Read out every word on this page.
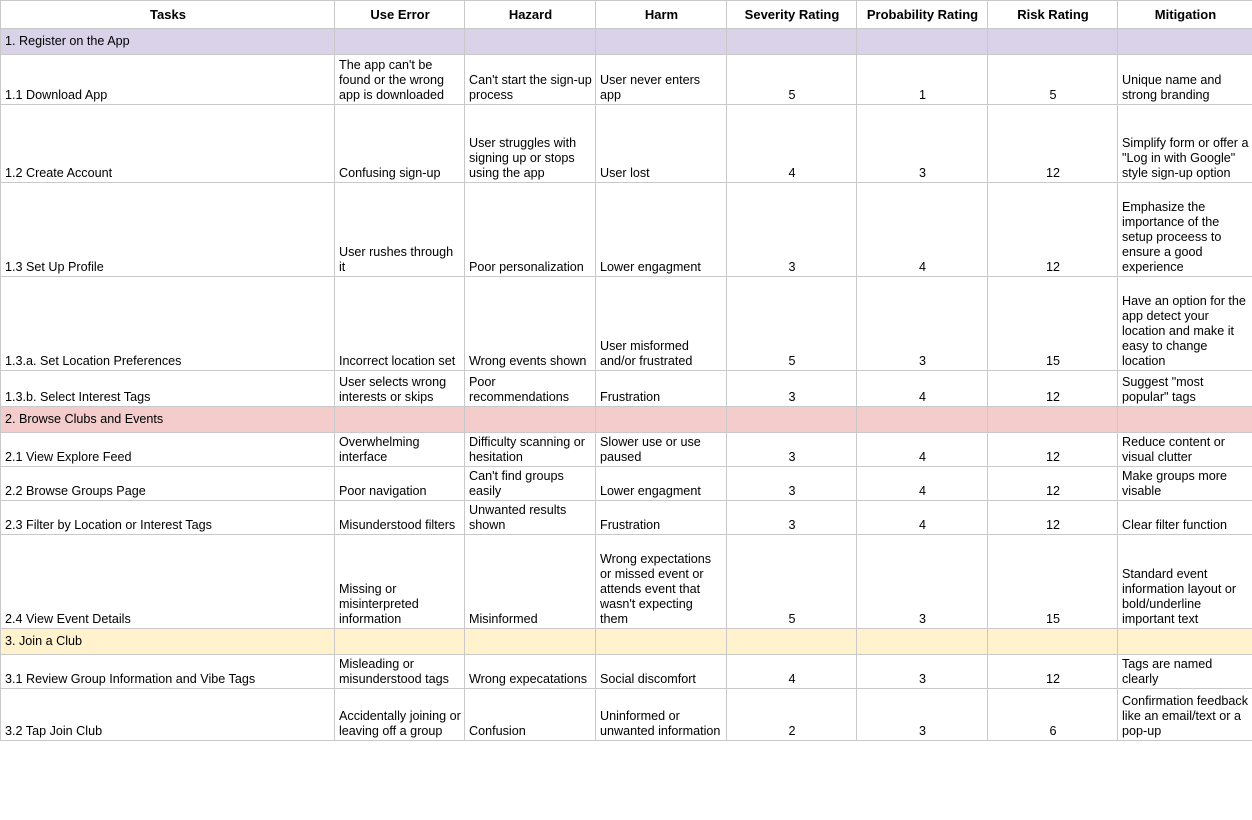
Tasks	Use Error	Hazard	Harm	Severity Rating	Probability Rating	Risk Rating	Mitigation
1. Register on the App							
1.1 Download App	The app can't be found or the wrong app is downloaded	Can't start the sign-up process	User never enters app	5	1	5	Unique name and strong branding
1.2 Create Account	Confusing sign-up	User struggles with signing up or stops using the app	User lost	4	3	12	Simplify form or offer a "Log in with Google" style sign-up option
1.3 Set Up Profile	User rushes through it	Poor personalization	Lower engagment	3	4	12	Emphasize the importance of the setup proceess to ensure a good experience
1.3.a. Set Location Preferences	Incorrect location set	Wrong events shown	User misformed and/or frustrated	5	3	15	Have an option for the app detect your location and make it easy to change location
1.3.b. Select Interest Tags	User selects wrong interests or skips	Poor recommendations	Frustration	3	4	12	Suggest "most popular" tags
2. Browse Clubs and Events							
2.1 View Explore Feed	Overwhelming interface	Difficulty scanning or hesitation	Slower use or use paused	3	4	12	Reduce content or visual clutter
2.2 Browse Groups Page	Poor navigation	Can't find groups easily	Lower engagment	3	4	12	Make groups more visable
2.3 Filter by Location or Interest Tags	Misunderstood filters	Unwanted results shown	Frustration	3	4	12	Clear filter function
2.4 View Event Details	Missing or misinterpreted information	Misinformed	Wrong expectations or missed event or attends event that wasn't expecting them	5	3	15	Standard event information layout or bold/underline important text
3. Join a Club							
3.1 Review Group Information and Vibe Tags	Misleading or misunderstood tags	Wrong expecatations	Social discomfort	4	3	12	Tags are named clearly
3.2 Tap Join Club	Accidentally joining or leaving off a group	Confusion	Uninformed or unwanted information	2	3	6	Confirmation feedback like an email/text or a pop-up
